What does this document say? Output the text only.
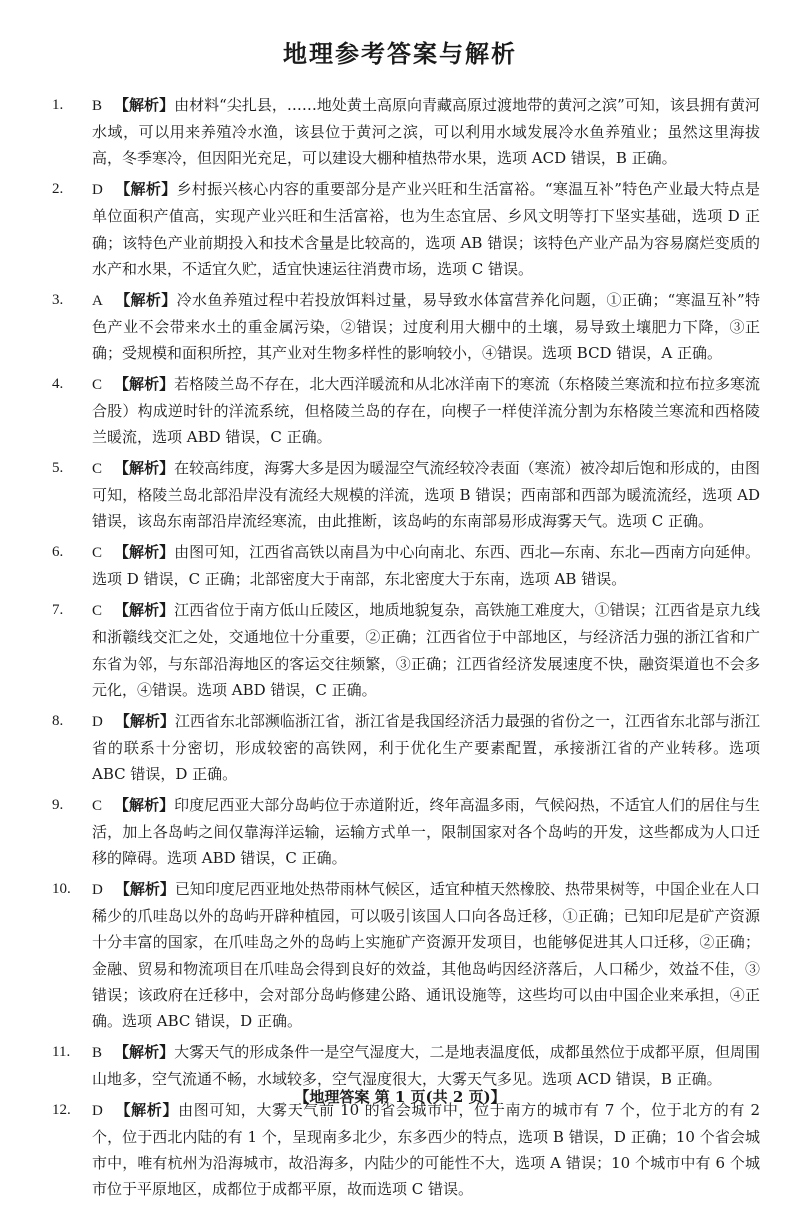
地理参考答案与解析
1. B 【解析】由材料“尖扎县，……地处黄土高原向青藏高原过渡地带的黄河之滨”可知，该县拥有黄河水域，可以用来养殖冷水渔，该县位于黄河之滨，可以利用水域发展冷水鱼养殖业；虽然这里海拔高，冬季寒冷，但因阳光充足，可以建设大棚种植热带水果，选项 ACD 错误，B 正确。
2. D 【解析】乡村振兴核心内容的重要部分是产业兴旺和生活富裕。“寒温互补”特色产业最大特点是单位面积产值高，实现产业兴旺和生活富裕，也为生态宜居、乡风文明等打下坚实基础，选项 D 正确；该特色产业前期投入和技术含量是比较高的，选项 AB 错误；该特色产业产品为容易腐烂变质的水产和水果，不适宜久贮，适宜快速运往消费市场，选项 C 错误。
3. A 【解析】冷水鱼养殖过程中若投放饵料过量，易导致水体富营养化问题，①正确；“寒温互补”特色产业不会带来水土的重金属污染，②错误；过度利用大棚中的土壤，易导致土壤肥力下降，③正确；受规模和面积所控，其产业对生物多样性的影响较小，④错误。选项 BCD 错误，A 正确。
4. C 【解析】若格陵兰岛不存在，北大西洋暖流和从北冰洋南下的寒流（东格陵兰寒流和拉布拉多寒流合股）构成逆时针的洋流系统，但格陵兰岛的存在，向楔子一样使洋流分割为东格陵兰寒流和西格陵兰暖流，选项 ABD 错误，C 正确。
5. C 【解析】在较高纬度，海雾大多是因为暖湿空气流经较冷表面（寒流）被冷却后饱和形成的，由图可知，格陵兰岛北部沿岸没有流经大规模的洋流，选项 B 错误；西南部和西部为暖流流经，选项 AD 错误，该岛东南部沿岸流经寒流，由此推断，该岛屿的东南部易形成海雾天气。选项 C 正确。
6. C 【解析】由图可知，江西省高铁以南昌为中心向南北、东西、西北—东南、东北—西南方向延伸。选项 D 错误，C 正确；北部密度大于南部，东北密度大于东南，选项 AB 错误。
7. C 【解析】江西省位于南方低山丘陵区，地质地貌复杂，高铁施工难度大，①错误；江西省是京九线和浙赣线交汇之处，交通地位十分重要，②正确；江西省位于中部地区，与经济活力强的浙江省和广东省为邻，与东部沿海地区的客运交往频繁，③正确；江西省经济发展速度不快，融资渠道也不会多元化，④错误。选项 ABD 错误，C 正确。
8. D 【解析】江西省东北部濒临浙江省，浙江省是我国经济活力最强的省份之一，江西省东北部与浙江省的联系十分密切，形成较密的高铁网，利于优化生产要素配置，承接浙江省的产业转移。选项 ABC 错误，D 正确。
9. C 【解析】印度尼西亚大部分岛屿位于赤道附近，终年高温多雨，气候闷热，不适宜人们的居住与生活，加上各岛屿之间仅靠海洋运输，运输方式单一，限制国家对各个岛屿的开发，这些都成为人口迁移的障碍。选项 ABD 错误，C 正确。
10. D 【解析】已知印度尼西亚地处热带雨林气候区，适宜种植天然橡胶、热带果树等，中国企业在人口稀少的爪哇岛以外的岛屿开辟种植园，可以吸引该国人口向各岛迁移，①正确；已知印尼是矿产资源十分丰富的国家，在爪哇岛之外的岛屿上实施矿产资源开发项目，也能够促进其人口迁移，②正确；金融、贸易和物流项目在爪哇岛会得到良好的效益，其他岛屿因经济落后，人口稀少，效益不佳，③错误；该政府在迁移中，会对部分岛屿修建公路、通讯设施等，这些均可以由中国企业来承担，④正确。选项 ABC 错误，D 正确。
11. B 【解析】大雾天气的形成条件一是空气湿度大，二是地表温度低，成都虽然位于成都平原，但周围山地多，空气流通不畅，水域较多，空气湿度很大，大雾天气多见。选项 ACD 错误，B 正确。
12. D 【解析】由图可知，大雾天气前 10 的省会城市中，位于南方的城市有 7 个，位于北方的有 2 个，位于西北内陆的有 1 个，呈现南多北少，东多西少的特点，选项 B 错误，D 正确；10 个省会城市中，唯有杭州为沿海城市，故沿海多，内陆少的可能性不大，选项 A 错误；10 个城市中有 6 个城市位于平原地区，成都位于成都平原，故而选项 C 错误。

【地理答案 第 1 页(共 2 页)】
